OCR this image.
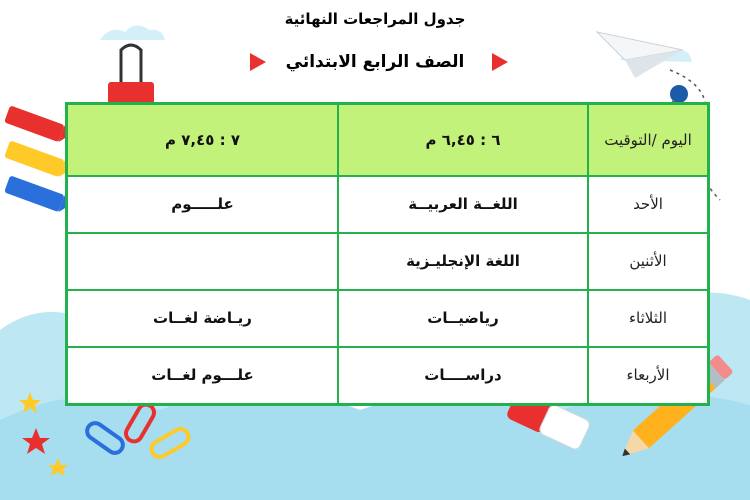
جدول المراجعات النهائية
الصف الرابع الابتدائي
اليوم /التوقيت	٦ : ٦,٤٥ م	٧ : ٧,٤٥ م
الأحد	اللغــة العربيــة	علـــــوم
الأثنين	اللغة الإنجليـزية	
الثلاثاء	رياضيــات	ريـاضة لغــات
الأربعاء	دراســــات	علـــوم لغــات
